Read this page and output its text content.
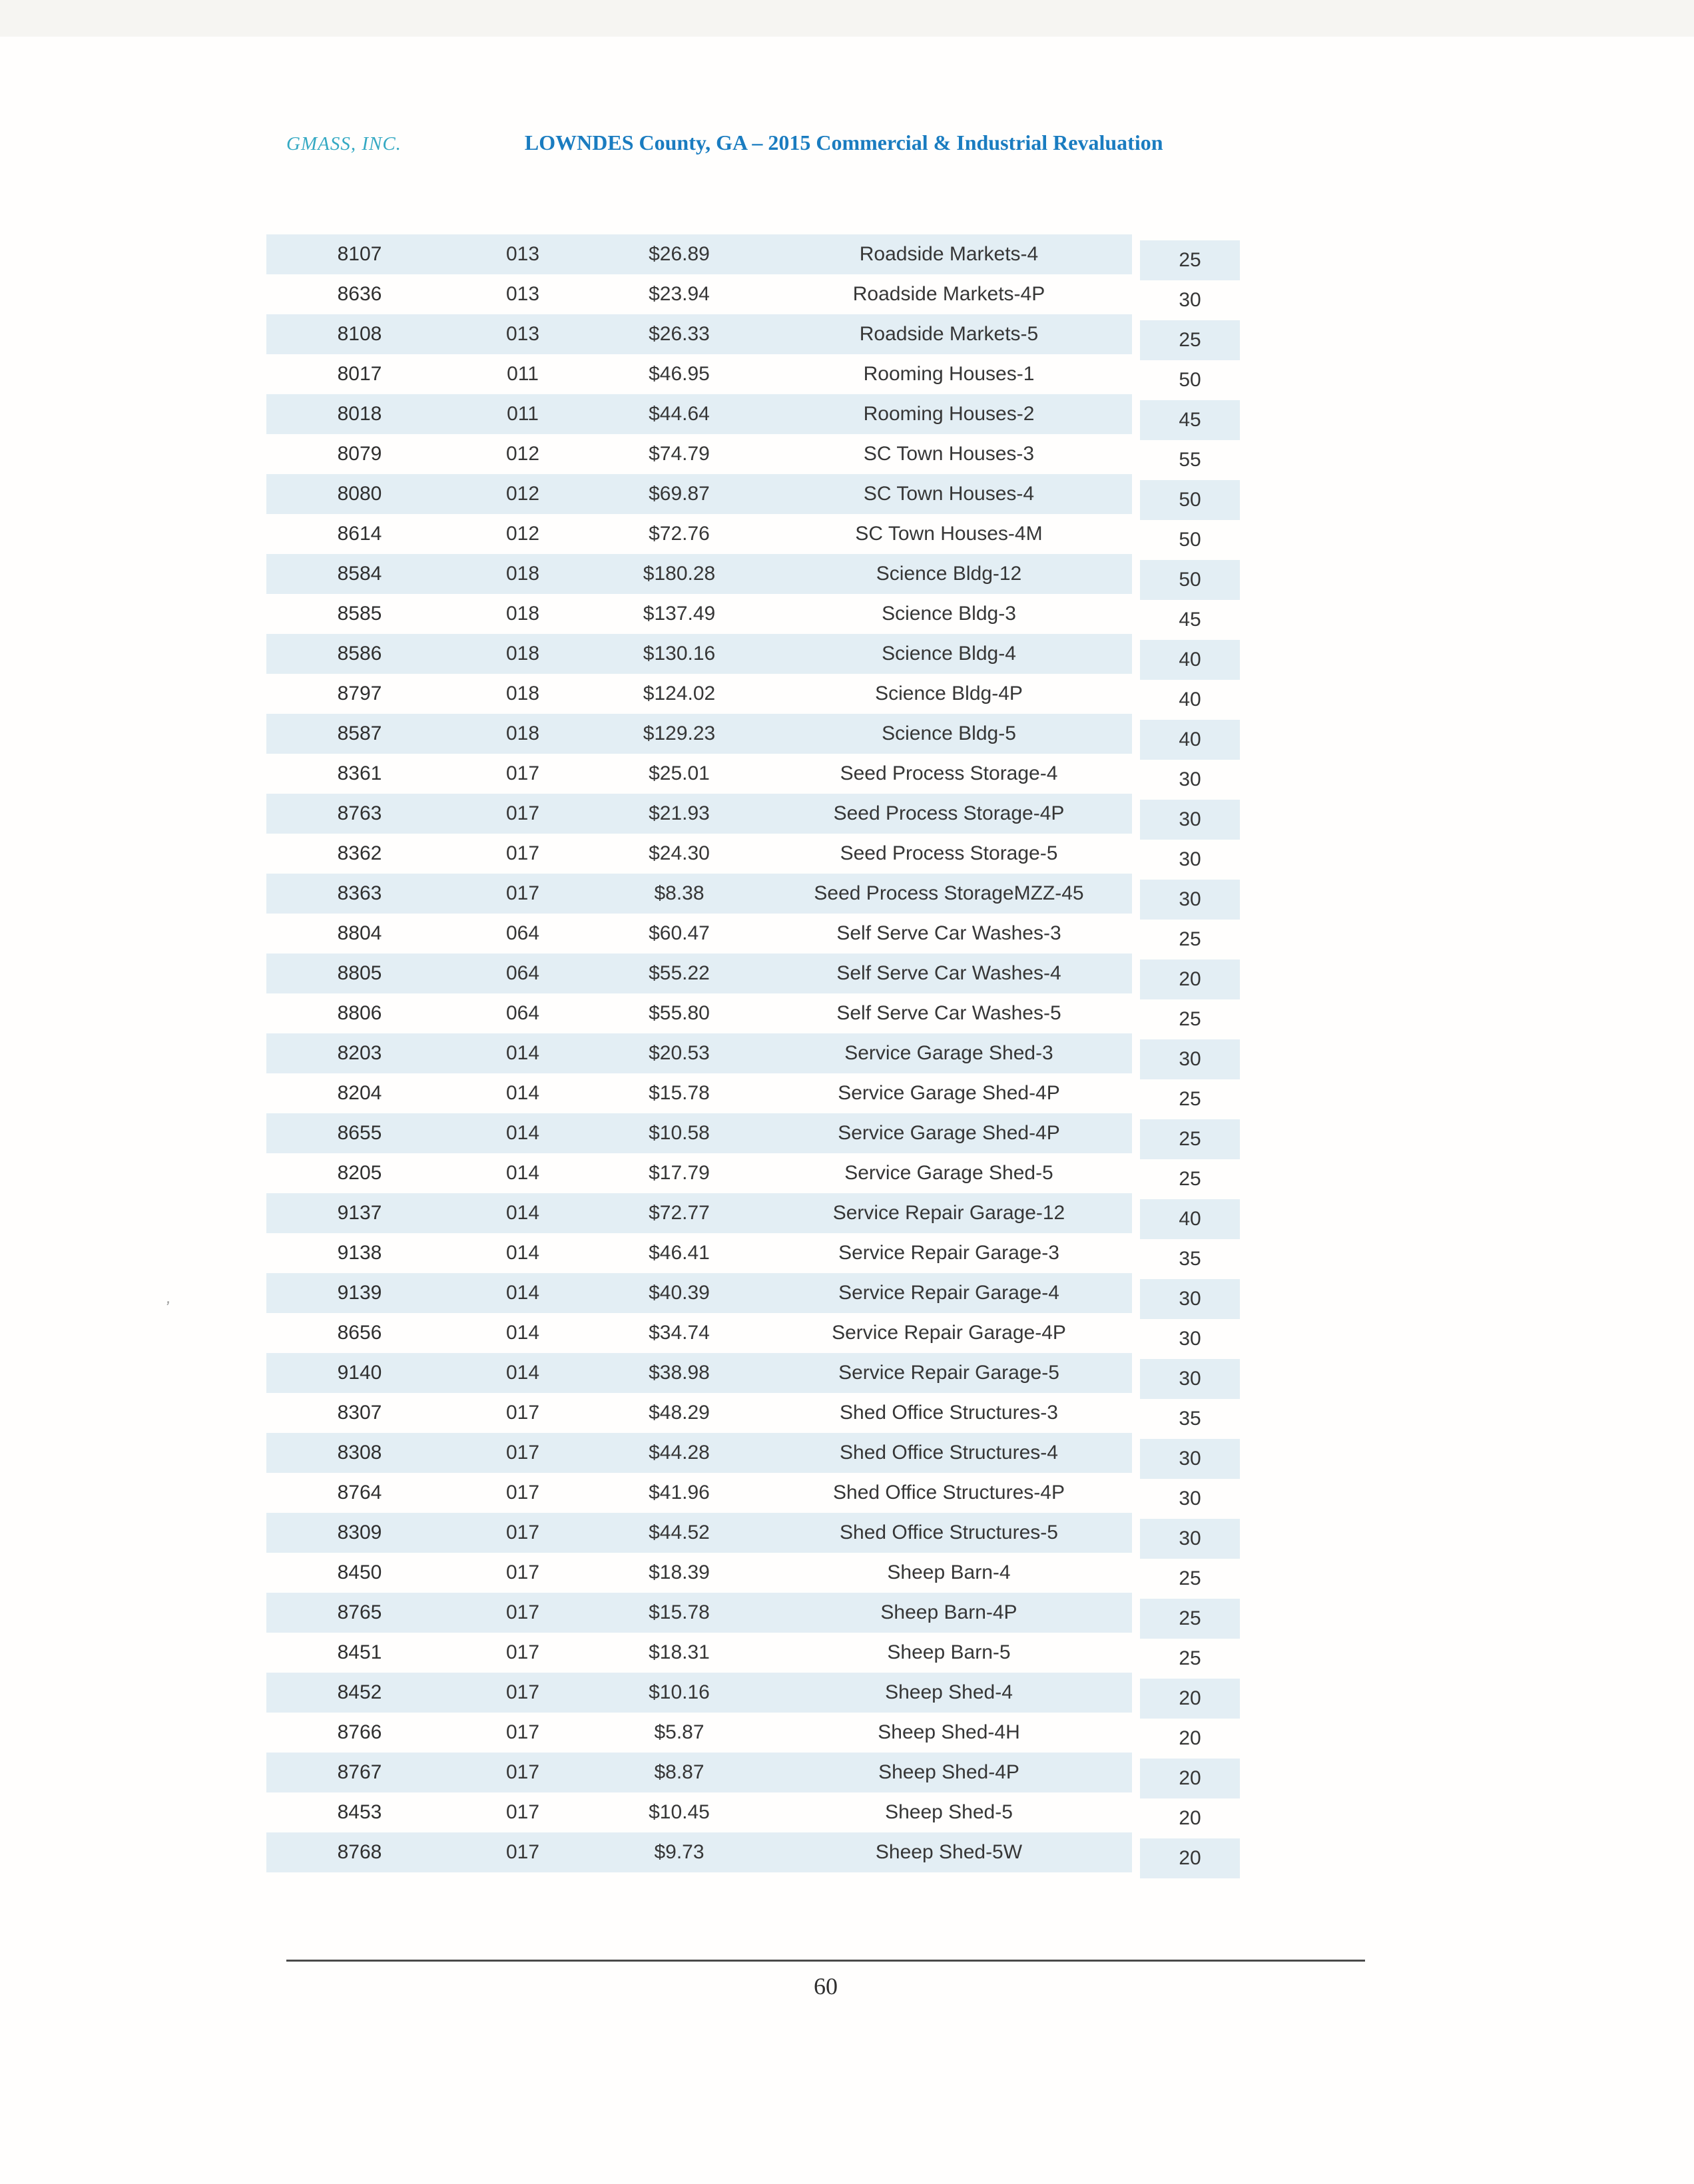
GMASS, INC.	LOWNDES County, GA – 2015 Commercial & Industrial Revaluation
8107	013	$26.89	Roadside Markets-4	25
8636	013	$23.94	Roadside Markets-4P	30
8108	013	$26.33	Roadside Markets-5	25
8017	011	$46.95	Rooming Houses-1	50
8018	011	$44.64	Rooming Houses-2	45
8079	012	$74.79	SC Town Houses-3	55
8080	012	$69.87	SC Town Houses-4	50
8614	012	$72.76	SC Town Houses-4M	50
8584	018	$180.28	Science Bldg-12	50
8585	018	$137.49	Science Bldg-3	45
8586	018	$130.16	Science Bldg-4	40
8797	018	$124.02	Science Bldg-4P	40
8587	018	$129.23	Science Bldg-5	40
8361	017	$25.01	Seed Process Storage-4	30
8763	017	$21.93	Seed Process Storage-4P	30
8362	017	$24.30	Seed Process Storage-5	30
8363	017	$8.38	Seed Process StorageMZZ-45	30
8804	064	$60.47	Self Serve Car Washes-3	25
8805	064	$55.22	Self Serve Car Washes-4	20
8806	064	$55.80	Self Serve Car Washes-5	25
8203	014	$20.53	Service Garage Shed-3	30
8204	014	$15.78	Service Garage Shed-4P	25
8655	014	$10.58	Service Garage Shed-4P	25
8205	014	$17.79	Service Garage Shed-5	25
9137	014	$72.77	Service Repair Garage-12	40
9138	014	$46.41	Service Repair Garage-3	35
9139	014	$40.39	Service Repair Garage-4	30
8656	014	$34.74	Service Repair Garage-4P	30
9140	014	$38.98	Service Repair Garage-5	30
8307	017	$48.29	Shed Office Structures-3	35
8308	017	$44.28	Shed Office Structures-4	30
8764	017	$41.96	Shed Office Structures-4P	30
8309	017	$44.52	Shed Office Structures-5	30
8450	017	$18.39	Sheep Barn-4	25
8765	017	$15.78	Sheep Barn-4P	25
8451	017	$18.31	Sheep Barn-5	25
8452	017	$10.16	Sheep Shed-4	20
8766	017	$5.87	Sheep Shed-4H	20
8767	017	$8.87	Sheep Shed-4P	20
8453	017	$10.45	Sheep Shed-5	20
8768	017	$9.73	Sheep Shed-5W	20
’
60
